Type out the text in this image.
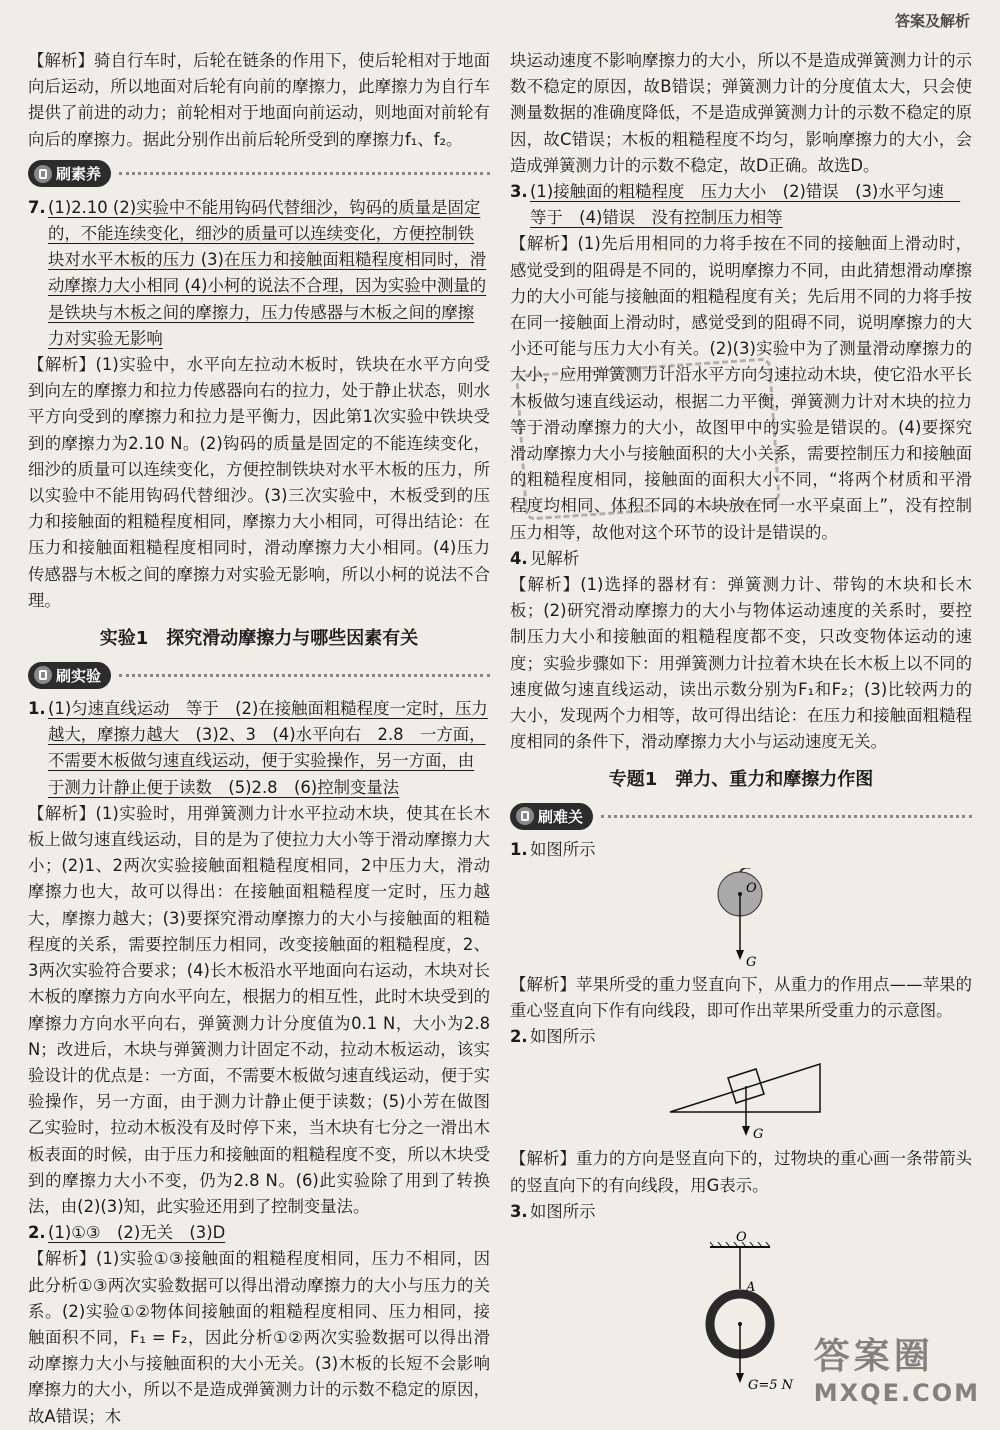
答案及解析

【解析】骑自行车时，后轮在链条的作用下，使后轮相对于地面向后运动，所以地面对后轮有向前的摩擦力，此摩擦力为自行车提供了前进的动力；前轮相对于地面向前运动，则地面对前轮有向后的摩擦力。据此分别作出前后轮所受到的摩擦力f₁、f₂。

刷素养
7. (1)2.10 (2)实验中不能用钩码代替细沙，钩码的质量是固定的，不能连续变化，细沙的质量可以连续变化，方便控制铁块对水平木板的压力 (3)在压力和接触面粗糙程度相同时，滑动摩擦力大小相同 (4)小柯的说法不合理，因为实验中测量的是铁块与木板之间的摩擦力，压力传感器与木板之间的摩擦力对实验无影响

【解析】(1)实验中，水平向左拉动木板时，铁块在水平方向受到向左的摩擦力和拉力传感器向右的拉力，处于静止状态，则水平方向受到的摩擦力和拉力是平衡力，因此第1次实验中铁块受到的摩擦力为2.10 N。(2)钩码的质量是固定的不能连续变化，细沙的质量可以连续变化，方便控制铁块对水平木板的压力，所以实验中不能用钩码代替细沙。(3)三次实验中，木板受到的压力和接触面的粗糙程度相同，摩擦力大小相同，可得出结论：在压力和接触面粗糙程度相同时，滑动摩擦力大小相同。(4)压力传感器与木板之间的摩擦力对实验无影响，所以小柯的说法不合理。

实验1　探究滑动摩擦力与哪些因素有关
刷实验
1. (1)匀速直线运动　等于　(2)在接触面粗糙程度一定时，压力越大，摩擦力越大　(3)2、3　(4)水平向右　2.8　一方面，不需要木板做匀速直线运动，便于实验操作，另一方面，由于测力计静止便于读数　(5)2.8　(6)控制变量法

【解析】(1)实验时，用弹簧测力计水平拉动木块，使其在长木板上做匀速直线运动，目的是为了使拉力大小等于滑动摩擦力大小；(2)1、2两次实验接触面粗糙程度相同，2中压力大，滑动摩擦力也大，故可以得出：在接触面粗糙程度一定时，压力越大，摩擦力越大；(3)要探究滑动摩擦力的大小与接触面的粗糙程度的关系，需要控制压力相同，改变接触面的粗糙程度，2、3两次实验符合要求；(4)长木板沿水平地面向右运动，木块对长木板的摩擦力方向水平向左，根据力的相互性，此时木块受到的摩擦力方向水平向右，弹簧测力计分度值为0.1 N，大小为2.8 N；改进后，木块与弹簧测力计固定不动，拉动木板运动，该实验设计的优点是：一方面，不需要木板做匀速直线运动，便于实验操作，另一方面，由于测力计静止便于读数；(5)小芳在做图乙实验时，拉动木板没有及时停下来，当木块有七分之一滑出木板表面的时候，由于压力和接触面的粗糙程度不变，所以木块受到的摩擦力大小不变，仍为2.8 N。(6)此实验除了用到了转换法，由(2)(3)知，此实验还用到了控制变量法。

2. (1)①③　(2)无关　(3)D

【解析】(1)实验①③接触面的粗糙程度相同，压力不相同，因此分析①③两次实验数据可以得出滑动摩擦力的大小与压力的关系。(2)实验①②物体间接触面的粗糙程度相同、压力相同，接触面积不同，F₁ = F₂，因此分析①②两次实验数据可以得出滑动摩擦力大小与接触面积的大小无关。(3)木板的长短不会影响摩擦力的大小，所以不是造成弹簧测力计的示数不稳定的原因，故A错误；木

块运动速度不影响摩擦力的大小，所以不是造成弹簧测力计的示数不稳定的原因，故B错误；弹簧测力计的分度值太大，只会使测量数据的准确度降低，不是造成弹簧测力计的示数不稳定的原因，故C错误；木板的粗糙程度不均匀，影响摩擦力的大小，会造成弹簧测力计的示数不稳定，故D正确。故选D。

3. (1)接触面的粗糙程度　压力大小　(2)错误　(3)水平匀速　等于　(4)错误　没有控制压力相等

【解析】(1)先后用相同的力将手按在不同的接触面上滑动时，感觉受到的阻碍是不同的，说明摩擦力不同，由此猜想滑动摩擦力的大小可能与接触面的粗糙程度有关；先后用不同的力将手按在同一接触面上滑动时，感觉受到的阻碍不同，说明摩擦力的大小还可能与压力大小有关。(2)(3)实验中为了测量滑动摩擦力的大小，应用弹簧测力计沿水平方向匀速拉动木块，使它沿水平长木板做匀速直线运动，根据二力平衡，弹簧测力计对木块的拉力等于滑动摩擦力的大小，故图甲中的实验是错误的。(4)要探究滑动摩擦力大小与接触面积的大小关系，需要控制压力和接触面的粗糙程度相同，接触面的面积大小不同，“将两个材质和平滑程度均相同、体积不同的木块放在同一水平桌面上”，没有控制压力相等，故他对这个环节的设计是错误的。

4. 见解析

【解析】(1)选择的器材有：弹簧测力计、带钩的木块和长木板；(2)研究滑动摩擦力的大小与物体运动速度的关系时，要控制压力大小和接触面的粗糙程度都不变，只改变物体运动的速度；实验步骤如下：用弹簧测力计拉着木块在长木板上以不同的速度做匀速直线运动，读出示数分别为F₁和F₂；(3)比较两力的大小，发现两个力相等，故可得出结论：在压力和接触面粗糙程度相同的条件下，滑动摩擦力大小与运动速度无关。

专题1　弹力、重力和摩擦力作图
刷难关
1. 如图所示
O
G

【解析】苹果所受的重力竖直向下，从重力的作用点——苹果的重心竖直向下作有向线段，即可作出苹果所受重力的示意图。

2. 如图所示
G

【解析】重力的方向是竖直向下的，过物块的重心画一条带箭头的竖直向下的有向线段，用G表示。

3. 如图所示
O
A
G=5 N
答案圈
MXQE.COM
